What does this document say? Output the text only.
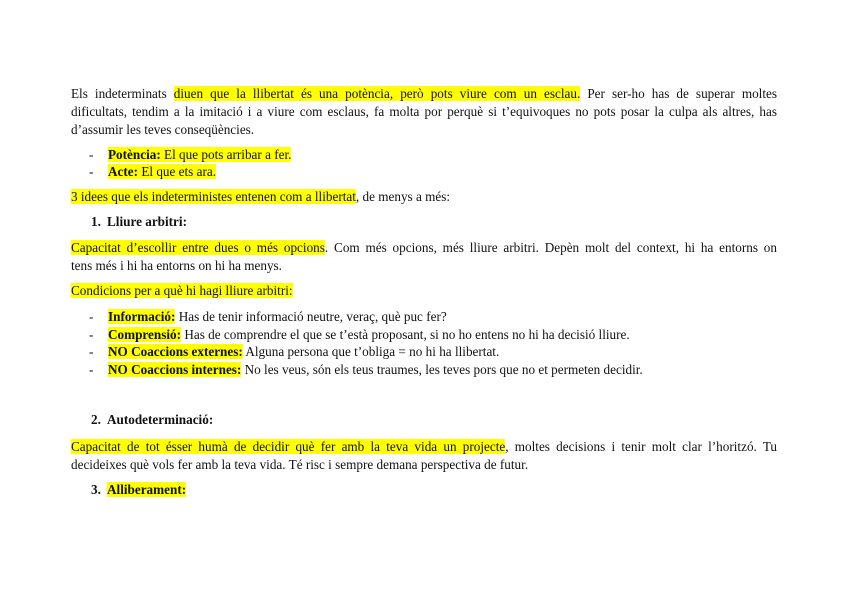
Els indeterminats diuen que la llibertat és una potència, però pots viure com un esclau. Per ser-ho has de superar moltes
dificultats, tendim a la imitació i a viure com esclaus, fa molta por perquè si t’equivoques no pots posar la culpa als altres, has
d’assumir les teves conseqüències.
- Potència: El que pots arribar a fer.
- Acte: El que ets ara.
3 idees que els indeterministes entenen com a llibertat, de menys a més:
1. Lliure arbitri:
Capacitat d’escollir entre dues o més opcions. Com més opcions, més lliure arbitri. Depèn molt del context, hi ha entorns on
tens més i hi ha entorns on hi ha menys.
Condicions per a què hi hagi lliure arbitri:
- Informació: Has de tenir informació neutre, veraç, què puc fer?
- Comprensió: Has de comprendre el que se t’està proposant, si no ho entens no hi ha decisió lliure.
- NO Coaccions externes: Alguna persona que t’obliga = no hi ha llibertat.
- NO Coaccions internes: No les veus, són els teus traumes, les teves pors que no et permeten decidir.
2. Autodeterminació:
Capacitat de tot ésser humà de decidir què fer amb la teva vida un projecte, moltes decisions i tenir molt clar l’horitzó. Tu
decideixes què vols fer amb la teva vida. Té risc i sempre demana perspectiva de futur.
3. Alliberament:
